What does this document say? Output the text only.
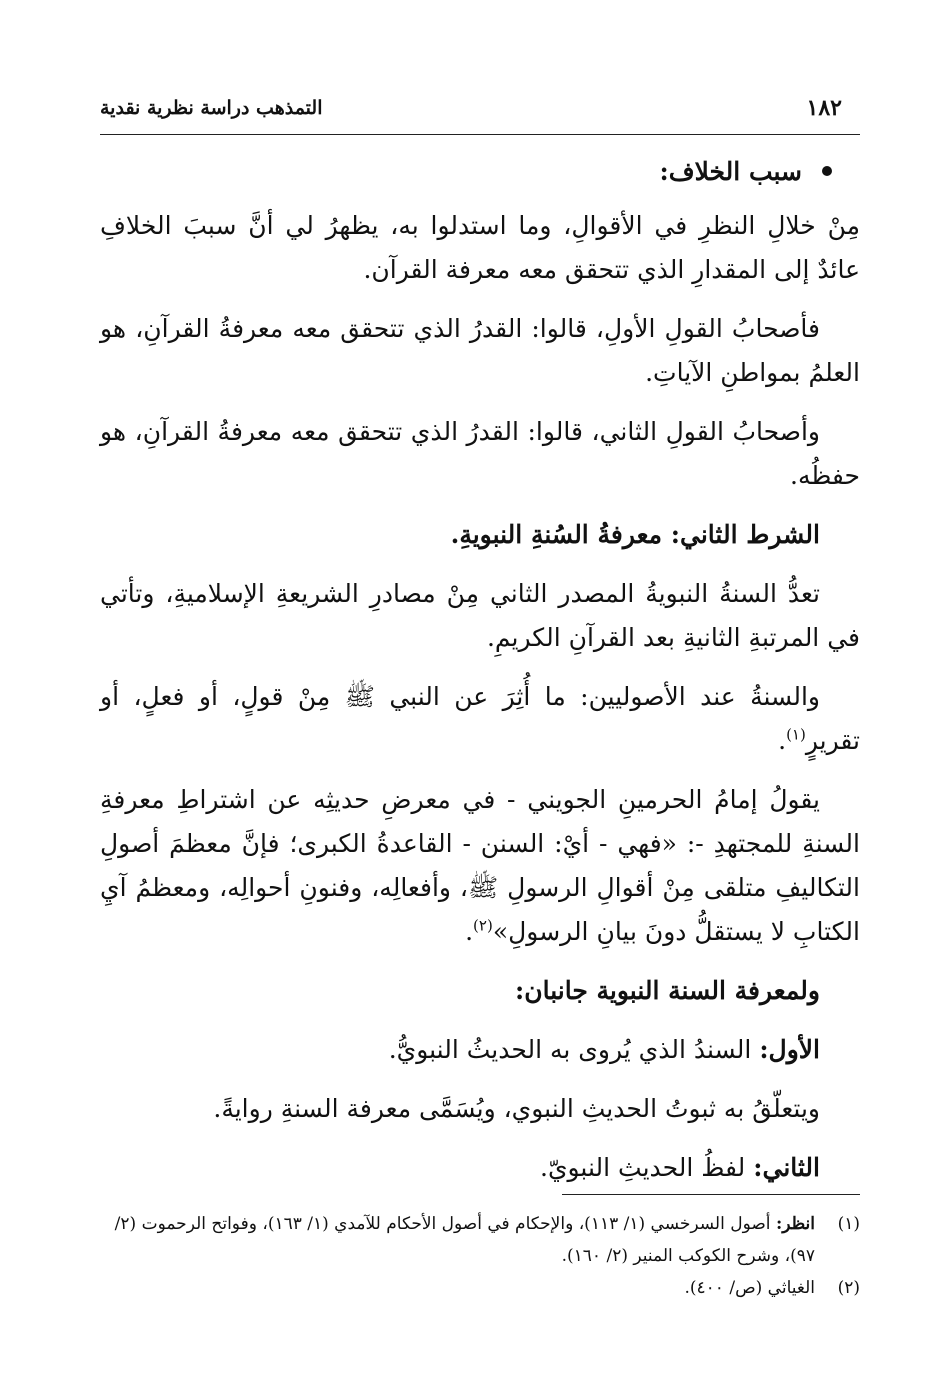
التمذهب دراسة نظرية نقدية	١٨٢

سبب الخلاف:

مِنْ خلالِ النظرِ في الأقوالِ، وما استدلوا به، يظهرُ لي أنَّ سببَ الخلافِ عائدٌ إلى المقدارِ الذي تتحقق معه معرفة القرآن.

فأصحابُ القولِ الأولِ، قالوا: القدرُ الذي تتحقق معه معرفةُ القرآنِ، هو العلمُ بمواطنِ الآياتِ.

وأصحابُ القولِ الثاني، قالوا: القدرُ الذي تتحقق معه معرفةُ القرآنِ، هو حفظُه.

الشرط الثاني: معرفةُ السُنةِ النبويةِ.

تعدُّ السنةُ النبويةُ المصدر الثاني مِنْ مصادرِ الشريعةِ الإسلاميةِ، وتأتي في المرتبةِ الثانيةِ بعد القرآنِ الكريمِ.

والسنةُ عند الأصوليين: ما أُثِرَ عن النبي ﷺ مِنْ قولٍ، أو فعلٍ، أو تقريرٍ$^{(١)}$.

يقولُ إمامُ الحرمينِ الجويني - في معرضِ حديثِه عن اشتراطِ معرفةِ السنةِ للمجتهدِ -: «فهي - أيْ: السنن - القاعدةُ الكبرى؛ فإنَّ معظمَ أصولِ التكاليفِ متلقى مِنْ أقوالِ الرسولِ ﷺ، وأفعالِه، وفنونِ أحوالِه، ومعظمُ آيِ الكتابِ لا يستقلُّ دونَ بيانِ الرسولِ»$^{(٢)}$.

ولمعرفة السنة النبوية جانبان:

الأول: السندُ الذي يُروى به الحديثُ النبويُّ.

ويتعلّقُ به ثبوتُ الحديثِ النبوي، ويُسَمَّى معرفة السنةِ روايةً.

الثاني: لفظُ الحديثِ النبويّ.

(١)
انظر: أصول السرخسي (١/ ١١٣)، والإحكام في أصول الأحكام للآمدي (١/ ١٦٣)، وفواتح الرحموت (٢/ ٩٧)، وشرح الكوكب المنير (٢/ ١٦٠).

(٢)
الغياثي (ص/ ٤٠٠).
